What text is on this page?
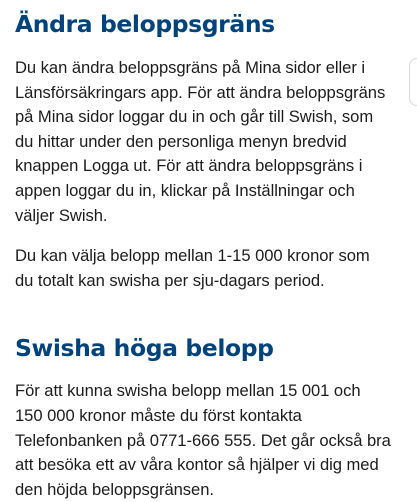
Ändra beloppsgräns

Du kan ändra beloppsgräns på Mina sidor eller i
Länsförsäkringars app. För att ändra beloppsgräns
på Mina sidor loggar du in och går till Swish, som
du hittar under den personliga menyn bredvid
knappen Logga ut. För att ändra beloppsgräns i
appen loggar du in, klickar på Inställningar och
väljer Swish.

Du kan välja belopp mellan 1-15 000 kronor som
du totalt kan swisha per sju-dagars period.

Swisha höga belopp

För att kunna swisha belopp mellan 15 001 och
150 000 kronor måste du först kontakta
Telefonbanken på 0771-666 555. Det går också bra
att besöka ett av våra kontor så hjälper vi dig med
den höjda beloppsgränsen.
